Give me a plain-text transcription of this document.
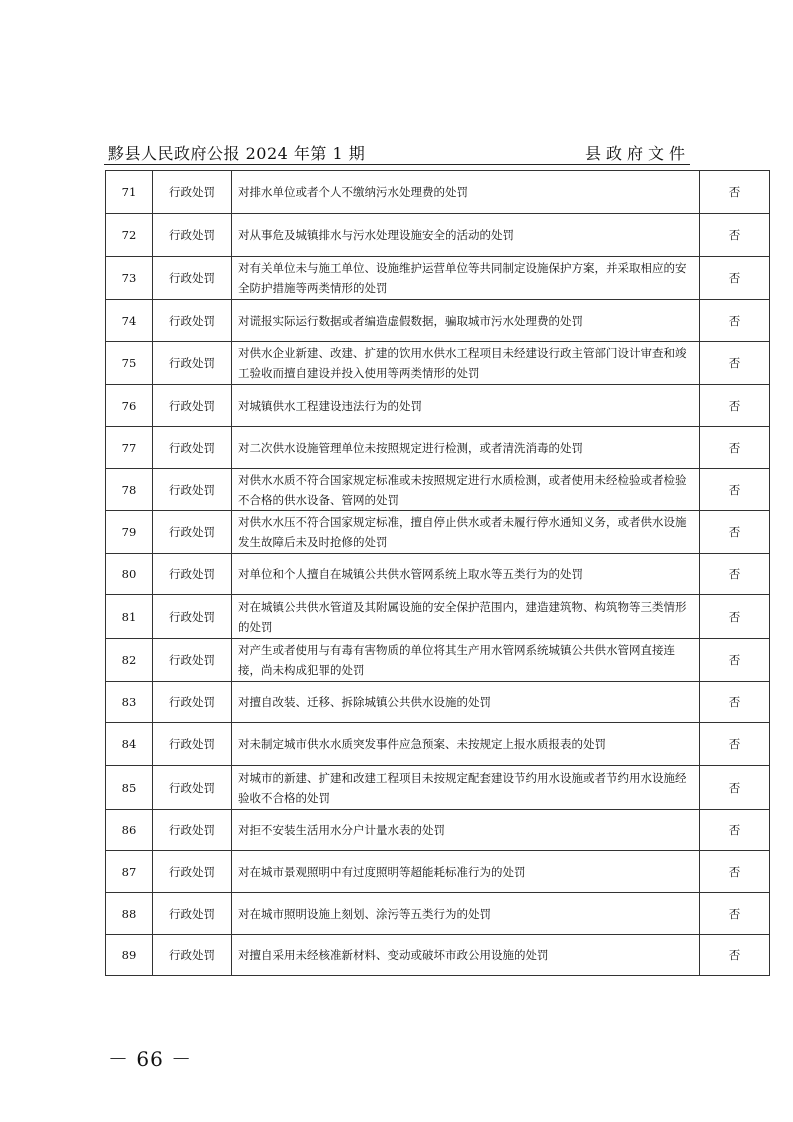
黟县人民政府公报 2024 年第 1 期	县政府文件
71	行政处罚	对排水单位或者个人不缴纳污水处理费的处罚	否
72	行政处罚	对从事危及城镇排水与污水处理设施安全的活动的处罚	否
73	行政处罚	对有关单位未与施工单位、设施维护运营单位等共同制定设施保护方案，并采取相应的安全防护措施等两类情形的处罚	否
74	行政处罚	对谎报实际运行数据或者编造虚假数据，骗取城市污水处理费的处罚	否
75	行政处罚	对供水企业新建、改建、扩建的饮用水供水工程项目未经建设行政主管部门设计审查和竣工验收而擅自建设并投入使用等两类情形的处罚	否
76	行政处罚	对城镇供水工程建设违法行为的处罚	否
77	行政处罚	对二次供水设施管理单位未按照规定进行检测，或者清洗消毒的处罚	否
78	行政处罚	对供水水质不符合国家规定标准或未按照规定进行水质检测，或者使用未经检验或者检验不合格的供水设备、管网的处罚	否
79	行政处罚	对供水水压不符合国家规定标准，擅自停止供水或者未履行停水通知义务，或者供水设施发生故障后未及时抢修的处罚	否
80	行政处罚	对单位和个人擅自在城镇公共供水管网系统上取水等五类行为的处罚	否
81	行政处罚	对在城镇公共供水管道及其附属设施的安全保护范围内，建造建筑物、构筑物等三类情形的处罚	否
82	行政处罚	对产生或者使用与有毒有害物质的单位将其生产用水管网系统城镇公共供水管网直接连接，尚未构成犯罪的处罚	否
83	行政处罚	对擅自改装、迁移、拆除城镇公共供水设施的处罚	否
84	行政处罚	对未制定城市供水水质突发事件应急预案、未按规定上报水质报表的处罚	否
85	行政处罚	对城市的新建、扩建和改建工程项目未按规定配套建设节约用水设施或者节约用水设施经验收不合格的处罚	否
86	行政处罚	对拒不安装生活用水分户计量水表的处罚	否
87	行政处罚	对在城市景观照明中有过度照明等超能耗标准行为的处罚	否
88	行政处罚	对在城市照明设施上刻划、涂污等五类行为的处罚	否
89	行政处罚	对擅自采用未经核准新材料、变动或破坏市政公用设施的处罚	否
－ 66 －
